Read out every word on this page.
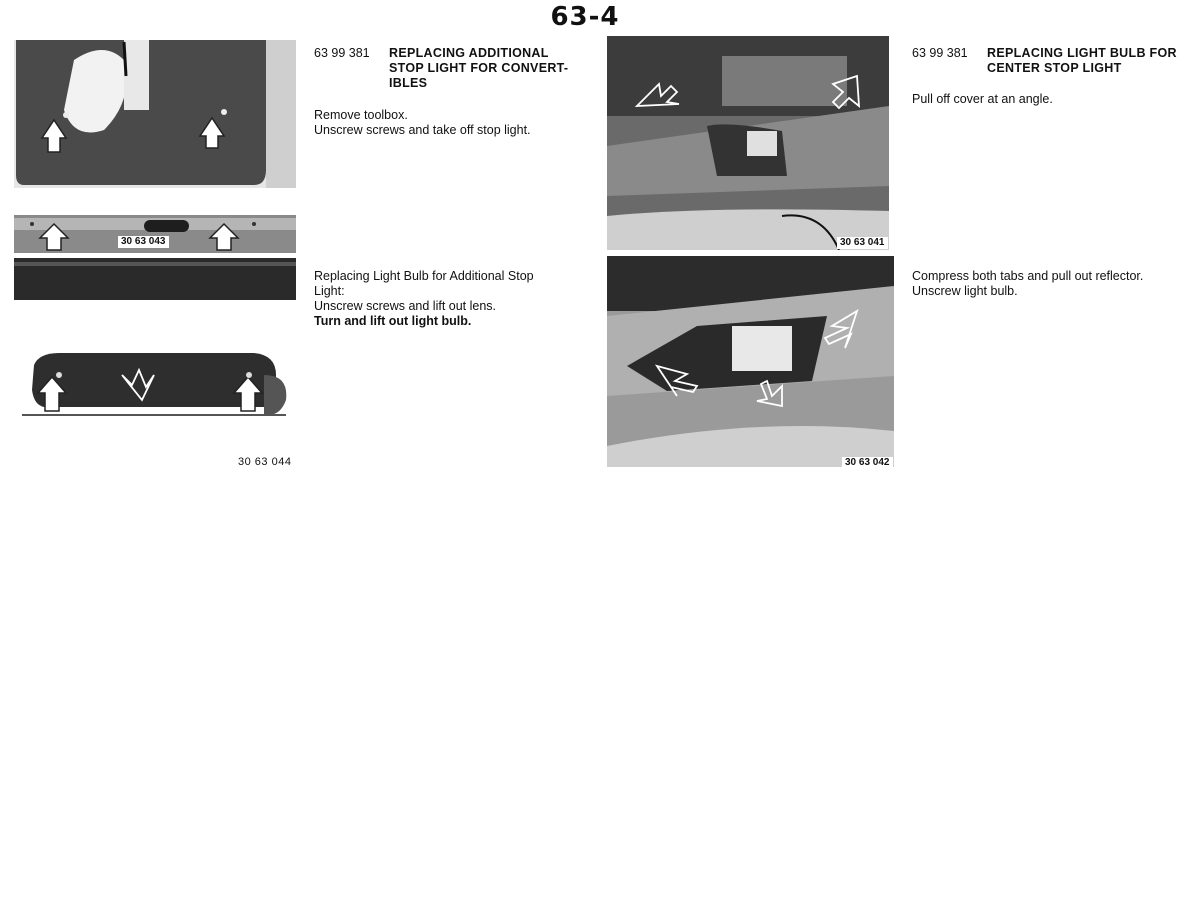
63-4
30 63 043
30 63 044
63 99 381	REPLACING ADDITIONAL
STOP LIGHT FOR CONVERT-
IBLES
Remove toolbox.
Unscrew screws and take off stop light.
Replacing Light Bulb for Additional Stop
Light:
Unscrew screws and lift out lens.
Turn and lift out light bulb.
30 63 041
30 63 042
63 99 381	REPLACING LIGHT BULB FOR
CENTER STOP LIGHT
Pull off cover at an angle.
Compress both tabs and pull out reflector.
Unscrew light bulb.
